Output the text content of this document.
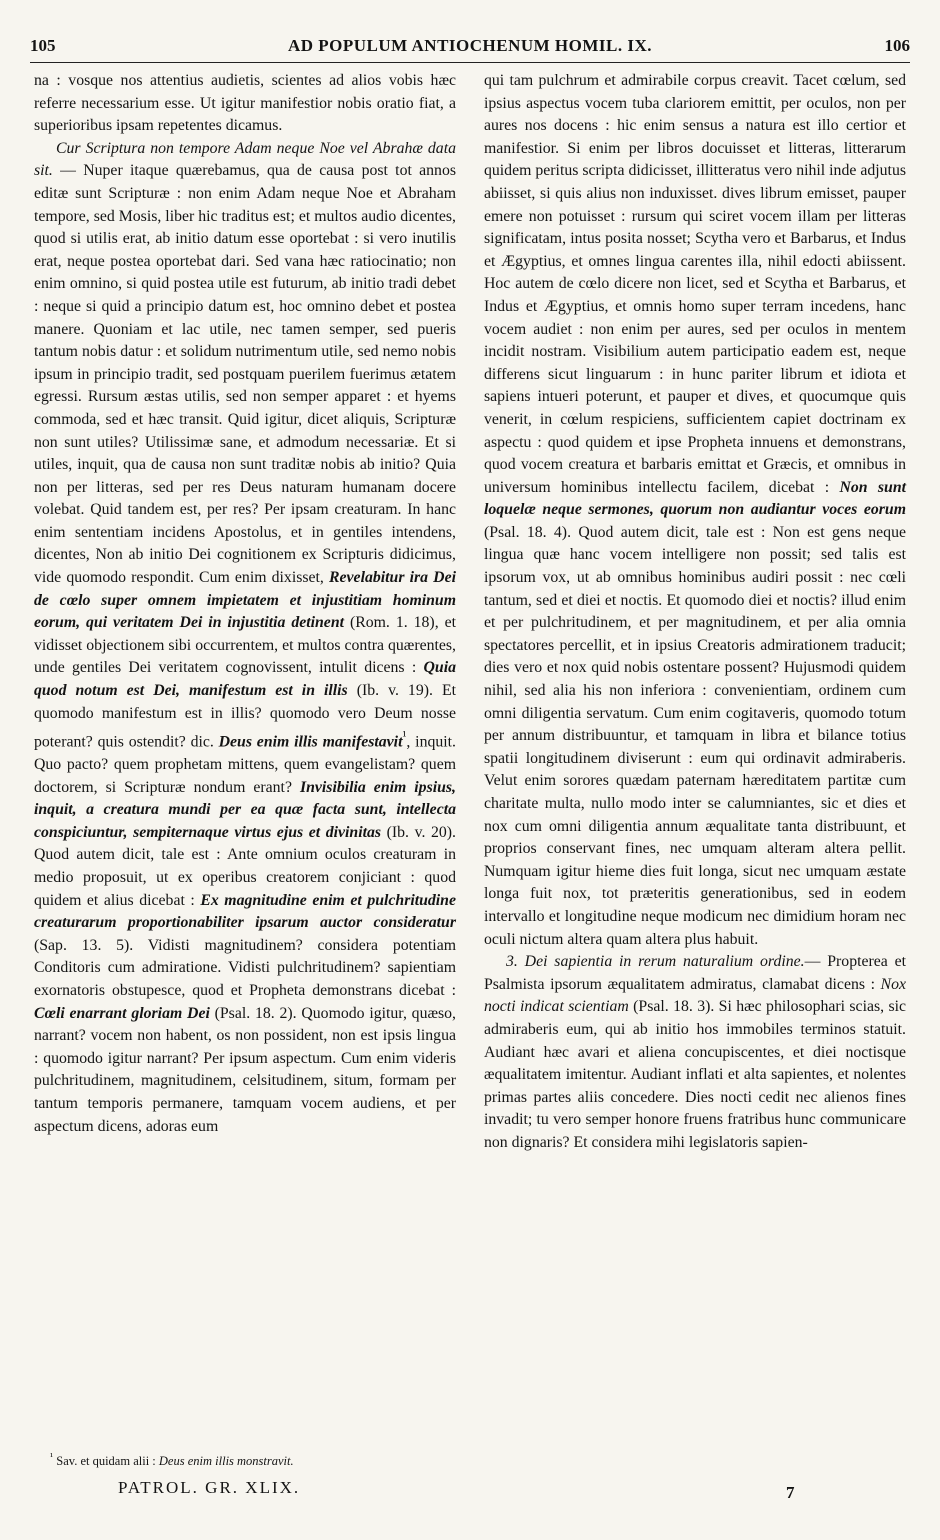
105	AD POPULUM ANTIOCHENUM HOMIL. IX.	106

na : vosque nos attentius audietis, scientes ad alios vobis hæc referre necessarium esse. Ut igitur manifestior nobis oratio fiat, a superioribus ipsam repetentes dicamus.

Cur Scriptura non tempore Adam neque Noe vel Abrahæ data sit. — Nuper itaque quærebamus, qua de causa post tot annos editæ sunt Scripturæ : non enim Adam neque Noe et Abraham tempore, sed Mosis, liber hic traditus est; et multos audio dicentes, quod si utilis erat, ab initio datum esse oportebat : si vero inutilis erat, neque postea oportebat dari. Sed vana hæc ratiocinatio; non enim omnino, si quid postea utile est futurum, ab initio tradi debet : neque si quid a principio datum est, hoc omnino debet et postea manere. Quoniam et lac utile, nec tamen semper, sed pueris tantum nobis datur : et solidum nutrimentum utile, sed nemo nobis ipsum in principio tradit, sed postquam puerilem fuerimus ætatem egressi. Rursum æstas utilis, sed non semper apparet : et hyems commoda, sed et hæc transit. Quid igitur, dicet aliquis, Scripturæ non sunt utiles? Utilissimæ sane, et admodum necessariæ. Et si utiles, inquit, qua de causa non sunt traditæ nobis ab initio? Quia non per litteras, sed per res Deus naturam humanam docere volebat. Quid tandem est, per res? Per ipsam creaturam. In hanc enim sententiam incidens Apostolus, et in gentiles intendens, dicentes, Non ab initio Dei cognitionem ex Scripturis didicimus, vide quomodo respondit. Cum enim dixisset, Revelabitur ira Dei de cœlo super omnem impietatem et injustitiam hominum eorum, qui veritatem Dei in injustitia detinent (Rom. 1. 18), et vidisset objectionem sibi occurrentem, et multos contra quærentes, unde gentiles Dei veritatem cognovissent, intulit dicens : Quia quod notum est Dei, manifestum est in illis (Ib. v. 19). Et quomodo manifestum est in illis? quomodo vero Deum nosse poterant? quis ostendit? dic. Deus enim illis manifestavit$^{^1}$, inquit. Quo pacto? quem prophetam mittens, quem evangelistam? quem doctorem, si Scripturæ nondum erant? Invisibilia enim ipsius, inquit, a creatura mundi per ea quæ facta sunt, intellecta conspiciuntur, sempiternaque virtus ejus et divinitas (Ib. v. 20). Quod autem dicit, tale est : Ante omnium oculos creaturam in medio proposuit, ut ex operibus creatorem conjiciant : quod quidem et alius dicebat : Ex magnitudine enim et pulchritudine creaturarum proportionabiliter ipsarum auctor consideratur (Sap. 13. 5). Vidisti magnitudinem? considera potentiam Conditoris cum admiratione. Vidisti pulchritudinem? sapientiam exornatoris obstupesce, quod et Propheta demonstrans dicebat : Cœli enarrant gloriam Dei (Psal. 18. 2). Quomodo igitur, quæso, narrant? vocem non habent, os non possident, non est ipsis lingua : quomodo igitur narrant? Per ipsum aspectum. Cum enim videris pulchritudinem, magnitudinem, celsitudinem, situm, formam per tantum temporis permanere, tamquam vocem audiens, et per aspectum dicens, adoras eum

qui tam pulchrum et admirabile corpus creavit. Tacet cœlum, sed ipsius aspectus vocem tuba clariorem emittit, per oculos, non per aures nos docens : hic enim sensus a natura est illo certior et manifestior. Si enim per libros docuisset et litteras, litterarum quidem peritus scripta didicisset, illitteratus vero nihil inde adjutus abiisset, si quis alius non induxisset. dives librum emisset, pauper emere non potuisset : rursum qui sciret vocem illam per litteras significatam, intus posita nosset; Scytha vero et Barbarus, et Indus et Ægyptius, et omnes lingua carentes illa, nihil edocti abiissent. Hoc autem de cœlo dicere non licet, sed et Scytha et Barbarus, et Indus et Ægyptius, et omnis homo super terram incedens, hanc vocem audiet : non enim per aures, sed per oculos in mentem incidit nostram. Visibilium autem participatio eadem est, neque differens sicut linguarum : in hunc pariter librum et idiota et sapiens intueri poterunt, et pauper et dives, et quocumque quis venerit, in cœlum respiciens, sufficientem capiet doctrinam ex aspectu : quod quidem et ipse Propheta innuens et demonstrans, quod vocem creatura et barbaris emittat et Græcis, et omnibus in universum hominibus intellectu facilem, dicebat : Non sunt loquelæ neque sermones, quorum non audiantur voces eorum (Psal. 18. 4). Quod autem dicit, tale est : Non est gens neque lingua quæ hanc vocem intelligere non possit; sed talis est ipsorum vox, ut ab omnibus hominibus audiri possit : nec cœli tantum, sed et diei et noctis. Et quomodo diei et noctis? illud enim et per pulchritudinem, et per magnitudinem, et per alia omnia spectatores percellit, et in ipsius Creatoris admirationem traducit; dies vero et nox quid nobis ostentare possent? Hujusmodi quidem nihil, sed alia his non inferiora : convenientiam, ordinem cum omni diligentia servatum. Cum enim cogitaveris, quomodo totum per annum distribuuntur, et tamquam in libra et bilance totius spatii longitudinem diviserunt : eum qui ordinavit admiraberis. Velut enim sorores quædam paternam hæreditatem partitæ cum charitate multa, nullo modo inter se calumniantes, sic et dies et nox cum omni diligentia annum æqualitate tanta distribuunt, et proprios conservant fines, nec umquam alteram altera pellit. Numquam igitur hieme dies fuit longa, sicut nec umquam æstate longa fuit nox, tot præteritis generationibus, sed in eodem intervallo et longitudine neque modicum nec dimidium horam nec oculi nictum altera quam altera plus habuit.

3. Dei sapientia in rerum naturalium ordine.— Propterea et Psalmista ipsorum æqualitatem admiratus, clamabat dicens : Nox nocti indicat scientiam (Psal. 18. 3). Si hæc philosophari scias, sic admiraberis eum, qui ab initio hos immobiles terminos statuit. Audiant hæc avari et aliena concupiscentes, et diei noctisque æqualitatem imitentur. Audiant inflati et alta sapientes, et nolentes primas partes aliis concedere. Dies nocti cedit nec alienos fines invadit; tu vero semper honore fruens fratribus hunc communicare non dignaris? Et considera mihi legislatoris sapien-

$^{^1}$ Sav. et quidam alii : Deus enim illis monstravit.
PATROL. GR. XLIX.	7
